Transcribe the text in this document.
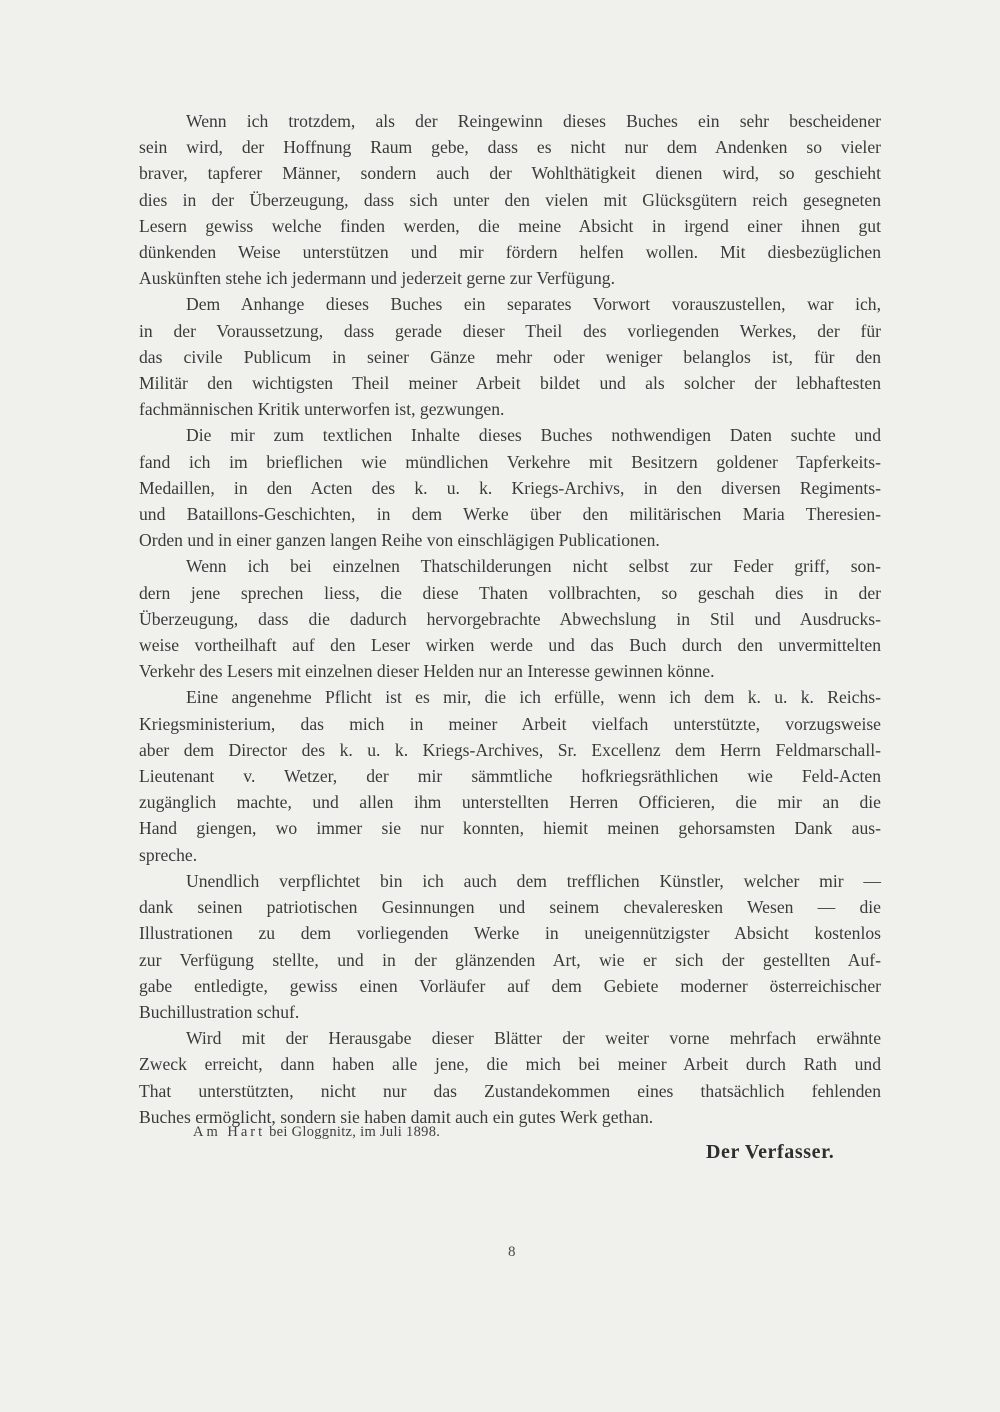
Wenn ich trotzdem, als der Reingewinn dieses Buches ein sehr bescheidener
sein wird, der Hoffnung Raum gebe, dass es nicht nur dem Andenken so vieler
braver, tapferer Männer, sondern auch der Wohlthätigkeit dienen wird, so geschieht
dies in der Überzeugung, dass sich unter den vielen mit Glücksgütern reich gesegneten
Lesern gewiss welche finden werden, die meine Absicht in irgend einer ihnen gut
dünkenden Weise unterstützen und mir fördern helfen wollen. Mit diesbezüglichen
Auskünften stehe ich jedermann und jederzeit gerne zur Verfügung.

Dem Anhange dieses Buches ein separates Vorwort vorauszustellen, war ich,
in der Voraussetzung, dass gerade dieser Theil des vorliegenden Werkes, der für
das civile Publicum in seiner Gänze mehr oder weniger belanglos ist, für den
Militär den wichtigsten Theil meiner Arbeit bildet und als solcher der lebhaftesten
fachmännischen Kritik unterworfen ist, gezwungen.

Die mir zum textlichen Inhalte dieses Buches nothwendigen Daten suchte und
fand ich im brieflichen wie mündlichen Verkehre mit Besitzern goldener Tapferkeits-
Medaillen, in den Acten des k. u. k. Kriegs-Archivs, in den diversen Regiments-
und Bataillons-Geschichten, in dem Werke über den militärischen Maria Theresien-
Orden und in einer ganzen langen Reihe von einschlägigen Publicationen.

Wenn ich bei einzelnen Thatschilderungen nicht selbst zur Feder griff, son-
dern jene sprechen liess, die diese Thaten vollbrachten, so geschah dies in der
Überzeugung, dass die dadurch hervorgebrachte Abwechslung in Stil und Ausdrucks-
weise vortheilhaft auf den Leser wirken werde und das Buch durch den unvermittelten
Verkehr des Lesers mit einzelnen dieser Helden nur an Interesse gewinnen könne.

Eine angenehme Pflicht ist es mir, die ich erfülle, wenn ich dem k. u. k. Reichs-
Kriegsministerium, das mich in meiner Arbeit vielfach unterstützte, vorzugsweise
aber dem Director des k. u. k. Kriegs-Archives, Sr. Excellenz dem Herrn Feldmarschall-
Lieutenant v. Wetzer, der mir sämmtliche hofkriegsräthlichen wie Feld-Acten
zugänglich machte, und allen ihm unterstellten Herren Officieren, die mir an die
Hand giengen, wo immer sie nur konnten, hiemit meinen gehorsamsten Dank aus-
spreche.

Unendlich verpflichtet bin ich auch dem trefflichen Künstler, welcher mir —
dank seinen patriotischen Gesinnungen und seinem chevaleresken Wesen — die
Illustrationen zu dem vorliegenden Werke in uneigennützigster Absicht kostenlos
zur Verfügung stellte, und in der glänzenden Art, wie er sich der gestellten Auf-
gabe entledigte, gewiss einen Vorläufer auf dem Gebiete moderner österreichischer
Buchillustration schuf.

Wird mit der Herausgabe dieser Blätter der weiter vorne mehrfach erwähnte
Zweck erreicht, dann haben alle jene, die mich bei meiner Arbeit durch Rath und
That unterstützten, nicht nur das Zustandekommen eines thatsächlich fehlenden
Buches ermöglicht, sondern sie haben damit auch ein gutes Werk gethan.

Am Hart bei Gloggnitz, im Juli 1898.
Der Verfasser.
8
